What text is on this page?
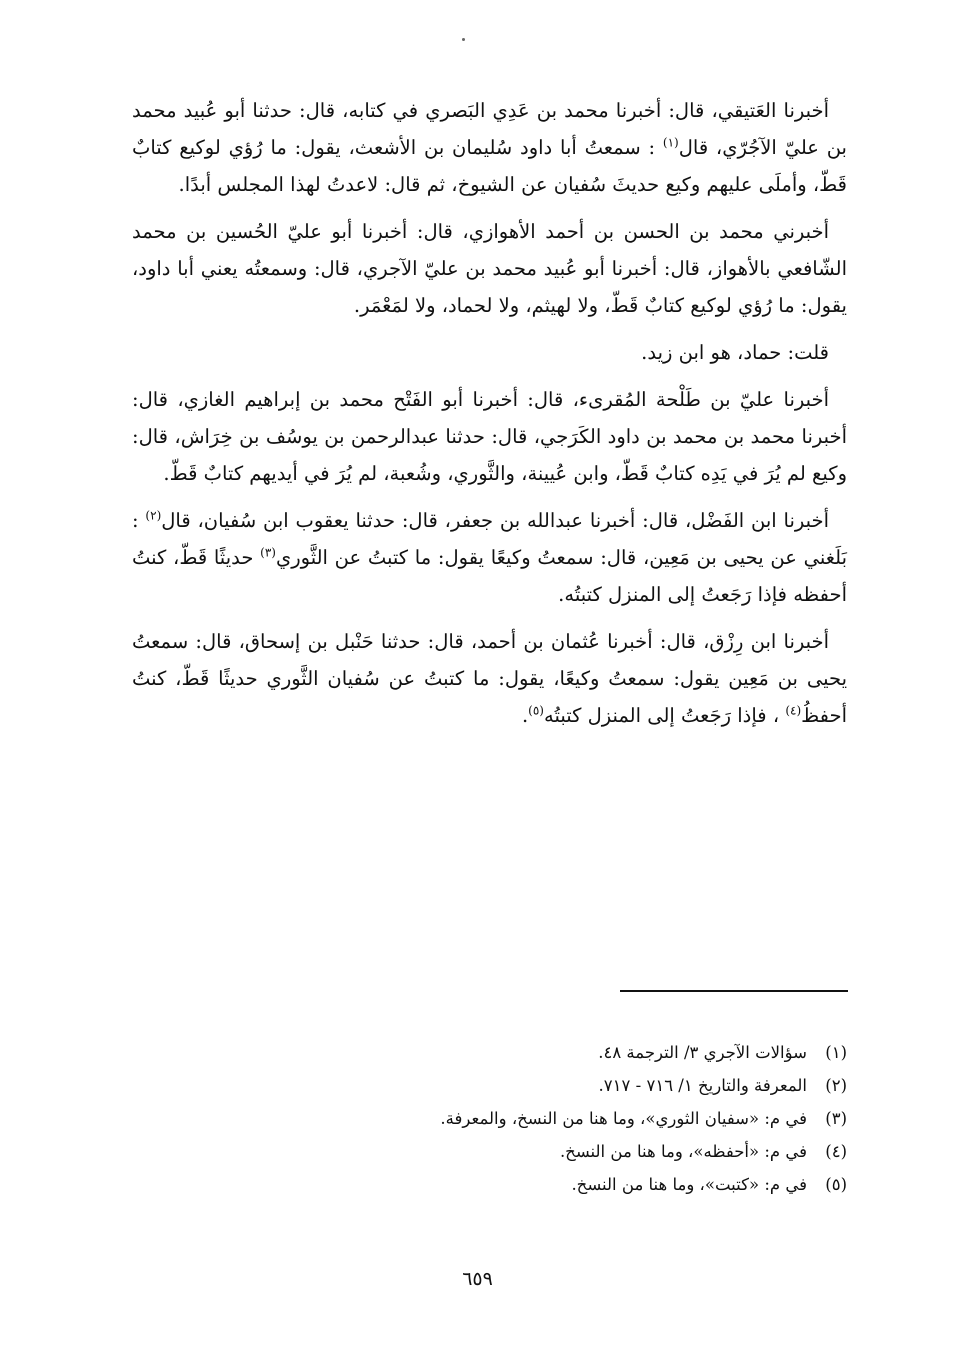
أخبرنا العَتيقي، قال: أخبرنا محمد بن عَدِي البَصري في كتابه، قال: حدثنا أبو عُبيد محمد بن عليّ الآجُرّي، قال$^{(١)}$ : سمعتُ أبا داود سُليمان بن الأشعث، يقول: ما رُؤي لوكيع كتابٌ قَطّ، وأملَى عليهم وكيع حديثَ سُفيان عن الشيوخ، ثم قال: لاعدتُ لهذا المجلس أبدًا.

أخبرني محمد بن الحسن بن أحمد الأهوازي، قال: أخبرنا أبو عليّ الحُسين بن محمد الشّافعي بالأهواز، قال: أخبرنا أبو عُبيد محمد بن عليّ الآجري، قال: وسمعتُه يعني أبا داود، يقول: ما رُؤي لوكيع كتابٌ قَطّ، ولا لهيثم، ولا لحماد، ولا لمَعْمَر.

قلت: حماد، هو ابن زيد.

أخبرنا عليّ بن طَلْحة المُقرىء، قال: أخبرنا أبو الفَتْح محمد بن إبراهيم الغازي، قال: أخبرنا محمد بن محمد بن داود الكَرَجي، قال: حدثنا عبدالرحمن بن يوسُف بن خِرَاش، قال: وكيع لم يُرَ في يَدِه كتابٌ قَطّ، وابن عُيينة، والثَّوري، وشُعبة، لم يُرَ في أيديهم كتابٌ قَطّ.

أخبرنا ابن الفَضْل، قال: أخبرنا عبدالله بن جعفر، قال: حدثنا يعقوب ابن سُفيان، قال$^{(٢)}$ : بَلَغني عن يحيى بن مَعِين، قال: سمعتُ وكيعًا يقول: ما كتبتُ عن الثَّوري$^{(٣)}$ حديثًا قَطّ، كنتُ أحفظه فإذا رَجَعتُ إلى المنزل كتبتُه.

أخبرنا ابن رِزْق، قال: أخبرنا عُثمان بن أحمد، قال: حدثنا حَنْبل بن إسحاق، قال: سمعتُ يحيى بن مَعِين يقول: سمعتُ وكيعًا، يقول: ما كتبتُ عن سُفيان الثَّوري حديثًا قَطّ، كنتُ أحفظُ$^{(٤)}$ ، فإذا رَجَعتُ إلى المنزل كتبتُه$^{(٥)}$.

(١)سؤالات الآجري ٣/ الترجمة ٤٨.
(٢)المعرفة والتاريخ ١/ ٧١٦ - ٧١٧.
(٣)في م: «سفيان الثوري»، وما هنا من النسخ، والمعرفة.
(٤)في م: «أحفظه»، وما هنا من النسخ.
(٥)في م: «كتبت»، وما هنا من النسخ.
٦٥٩
